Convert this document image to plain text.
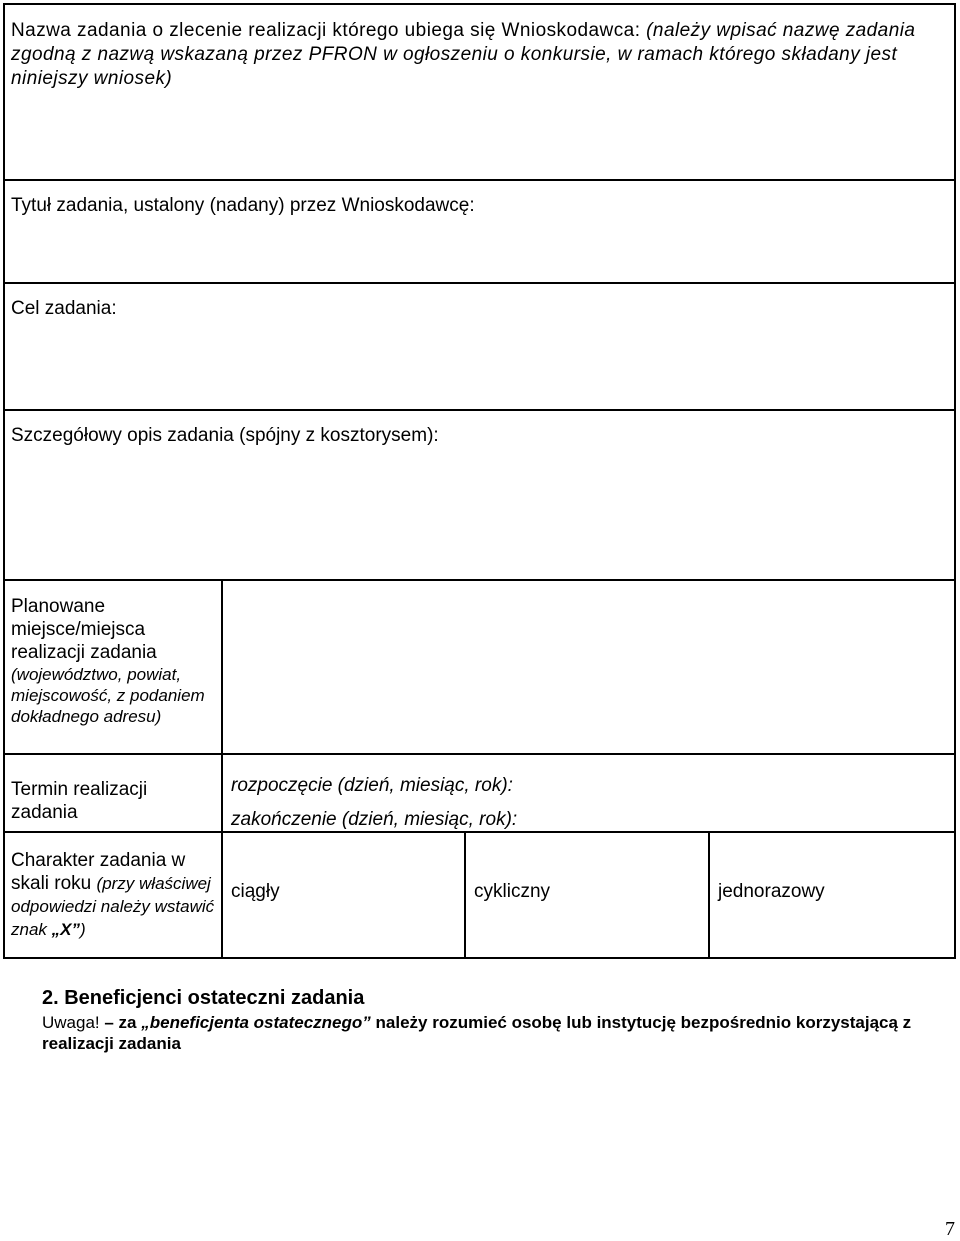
Nazwa zadania o zlecenie realizacji którego ubiega się Wnioskodawca: (należy wpisać nazwę zadania zgodną z nazwą wskazaną przez PFRON w ogłoszeniu o konkursie, w ramach którego składany jest niniejszy wniosek)
Tytuł zadania, ustalony (nadany) przez Wnioskodawcę:
Cel zadania:
Szczegółowy opis zadania (spójny z kosztorysem):
Planowane miejsce/miejsca realizacji zadania
(województwo, powiat, miejscowość, z podaniem dokładnego adresu)
Termin realizacji zadania
rozpoczęcie (dzień, miesiąc, rok):
zakończenie (dzień, miesiąc, rok):
Charakter zadania w skali roku (przy właściwej odpowiedzi należy wstawić znak „X”)
ciągły	cykliczny	jednorazowy
2. Beneficjenci ostateczni zadania
Uwaga! – za „beneficjenta ostatecznego” należy rozumieć osobę lub instytucję bezpośrednio korzystającą z realizacji zadania
7
